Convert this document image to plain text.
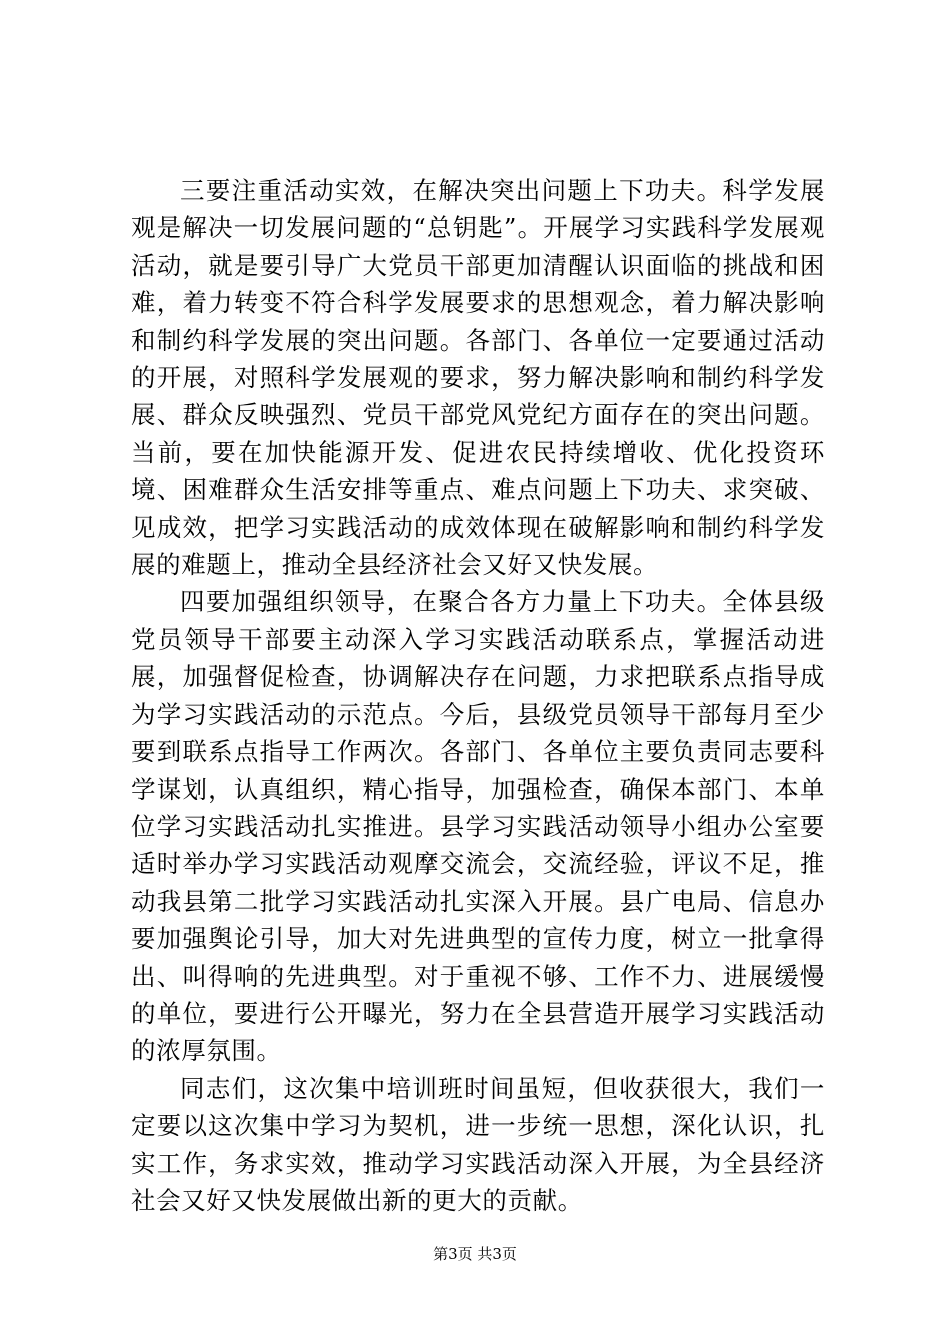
三要注重活动实效，在解决突出问题上下功夫。科学发展观是解决一切发展问题的“总钥匙”。开展学习实践科学发展观活动，就是要引导广大党员干部更加清醒认识面临的挑战和困难，着力转变不符合科学发展要求的思想观念，着力解决影响和制约科学发展的突出问题。各部门、各单位一定要通过活动的开展，对照科学发展观的要求，努力解决影响和制约科学发展、群众反映强烈、党员干部党风党纪方面存在的突出问题。当前，要在加快能源开发、促进农民持续增收、优化投资环境、困难群众生活安排等重点、难点问题上下功夫、求突破、见成效，把学习实践活动的成效体现在破解影响和制约科学发展的难题上，推动全县经济社会又好又快发展。

四要加强组织领导，在聚合各方力量上下功夫。全体县级党员领导干部要主动深入学习实践活动联系点，掌握活动进展，加强督促检查，协调解决存在问题，力求把联系点指导成为学习实践活动的示范点。今后，县级党员领导干部每月至少要到联系点指导工作两次。各部门、各单位主要负责同志要科学谋划，认真组织，精心指导，加强检查，确保本部门、本单位学习实践活动扎实推进。县学习实践活动领导小组办公室要适时举办学习实践活动观摩交流会，交流经验，评议不足，推动我县第二批学习实践活动扎实深入开展。县广电局、信息办要加强舆论引导，加大对先进典型的宣传力度，树立一批拿得出、叫得响的先进典型。对于重视不够、工作不力、进展缓慢的单位，要进行公开曝光，努力在全县营造开展学习实践活动的浓厚氛围。

同志们，这次集中培训班时间虽短，但收获很大，我们一定要以这次集中学习为契机，进一步统一思想，深化认识，扎实工作，务求实效，推动学习实践活动深入开展，为全县经济社会又好又快发展做出新的更大的贡献。

第3页 共3页
